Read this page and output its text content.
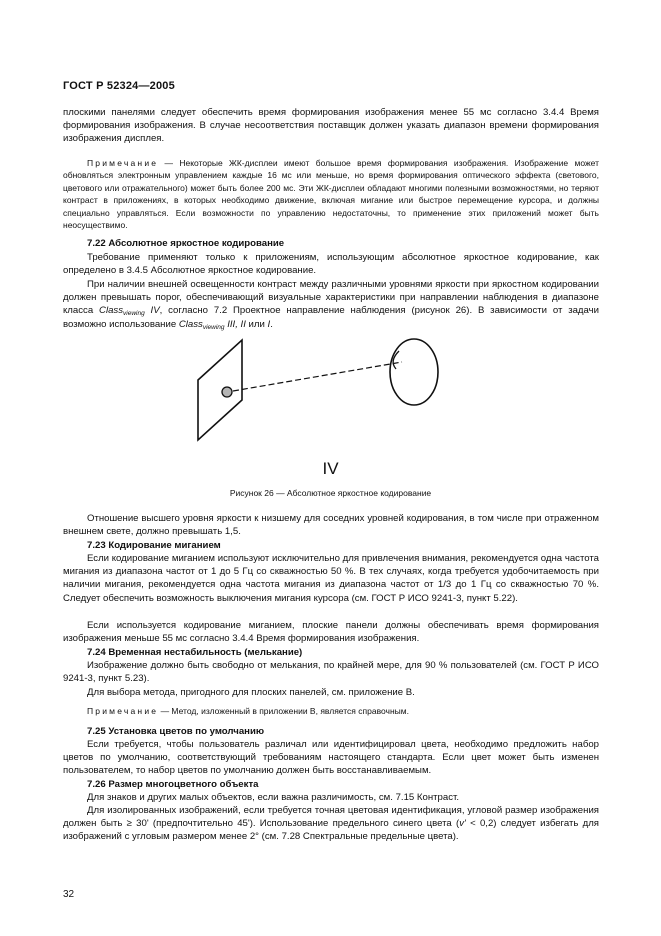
ГОСТ Р 52324—2005

плоскими панелями следует обеспечить время формирования изображения менее 55 мс согласно 3.4.4 Время формирования изображения. В случае несоответствия поставщик должен указать диапазон времени формирования изображения дисплея.

Примечание — Некоторые ЖК-дисплеи имеют большое время формирования изображения. Изображение может обновляться электронным управлением каждые 16 мс или меньше, но время формирования оптического эффекта (светового, цветового или отражательного) может быть более 200 мс. Эти ЖК-дисплеи обладают многими полезными возможностями, но теряют контраст в приложениях, в которых необходимо движение, включая мигание или быстрое перемещение курсора, и должны специально управляться. Если возможности по управлению недостаточны, то применение этих приложений может быть неосуществимо.

7.22 Абсолютное яркостное кодирование

Требование применяют только к приложениям, использующим абсолютное яркостное кодирование, как определено в 3.4.5 Абсолютное яркостное кодирование.

При наличии внешней освещенности контраст между различными уровнями яркости при яркостном кодировании должен превышать порог, обеспечивающий визуальные характеристики при направлении наблюдения в диапазоне класса Class$_{viewing}$ IV, согласно 7.2 Проектное направление наблюдения (рисунок 26). В зависимости от задачи возможно использование Class$_{viewing}$ III, II или I.

IV
Рисунок 26 — Абсолютное яркостное кодирование

Отношение высшего уровня яркости к низшему для соседних уровней кодирования, в том числе при отраженном внешнем свете, должно превышать 1,5.

7.23 Кодирование миганием

Если кодирование миганием используют исключительно для привлечения внимания, рекомендуется одна частота мигания из диапазона частот от 1 до 5 Гц со скважностью 50 %. В тех случаях, когда требуется удобочитаемость при наличии мигания, рекомендуется одна частота мигания из диапазона частот от 1/3 до 1 Гц со скважностью 70 %. Следует обеспечить возможность выключения мигания курсора (см. ГОСТ Р ИСО 9241-3, пункт 5.22).

Если используется кодирование миганием, плоские панели должны обеспечивать время формирования изображения меньше 55 мс согласно 3.4.4 Время формирования изображения.

7.24 Временная нестабильность (мелькание)

Изображение должно быть свободно от мелькания, по крайней мере, для 90 % пользователей (см. ГОСТ Р ИСО 9241-3, пункт 5.23).

Для выбора метода, пригодного для плоских панелей, см. приложение В.

Примечание — Метод, изложенный в приложении В, является справочным.

7.25 Установка цветов по умолчанию

Если требуется, чтобы пользователь различал или идентифицировал цвета, необходимо предложить набор цветов по умолчанию, соответствующий требованиям настоящего стандарта. Если цвет может быть изменен пользователем, то набор цветов по умолчанию должен быть восстанавливаемым.

7.26 Размер многоцветного объекта

Для знаков и других малых объектов, если важна различимость, см. 7.15 Контраст.

Для изолированных изображений, если требуется точная цветовая идентификация, угловой размер изображения должен быть ≥ 30' (предпочтительно 45'). Использование предельного синего цвета (v' < 0,2) следует избегать для изображений с угловым размером менее 2° (см. 7.28 Спектральные предельные цвета).

32
